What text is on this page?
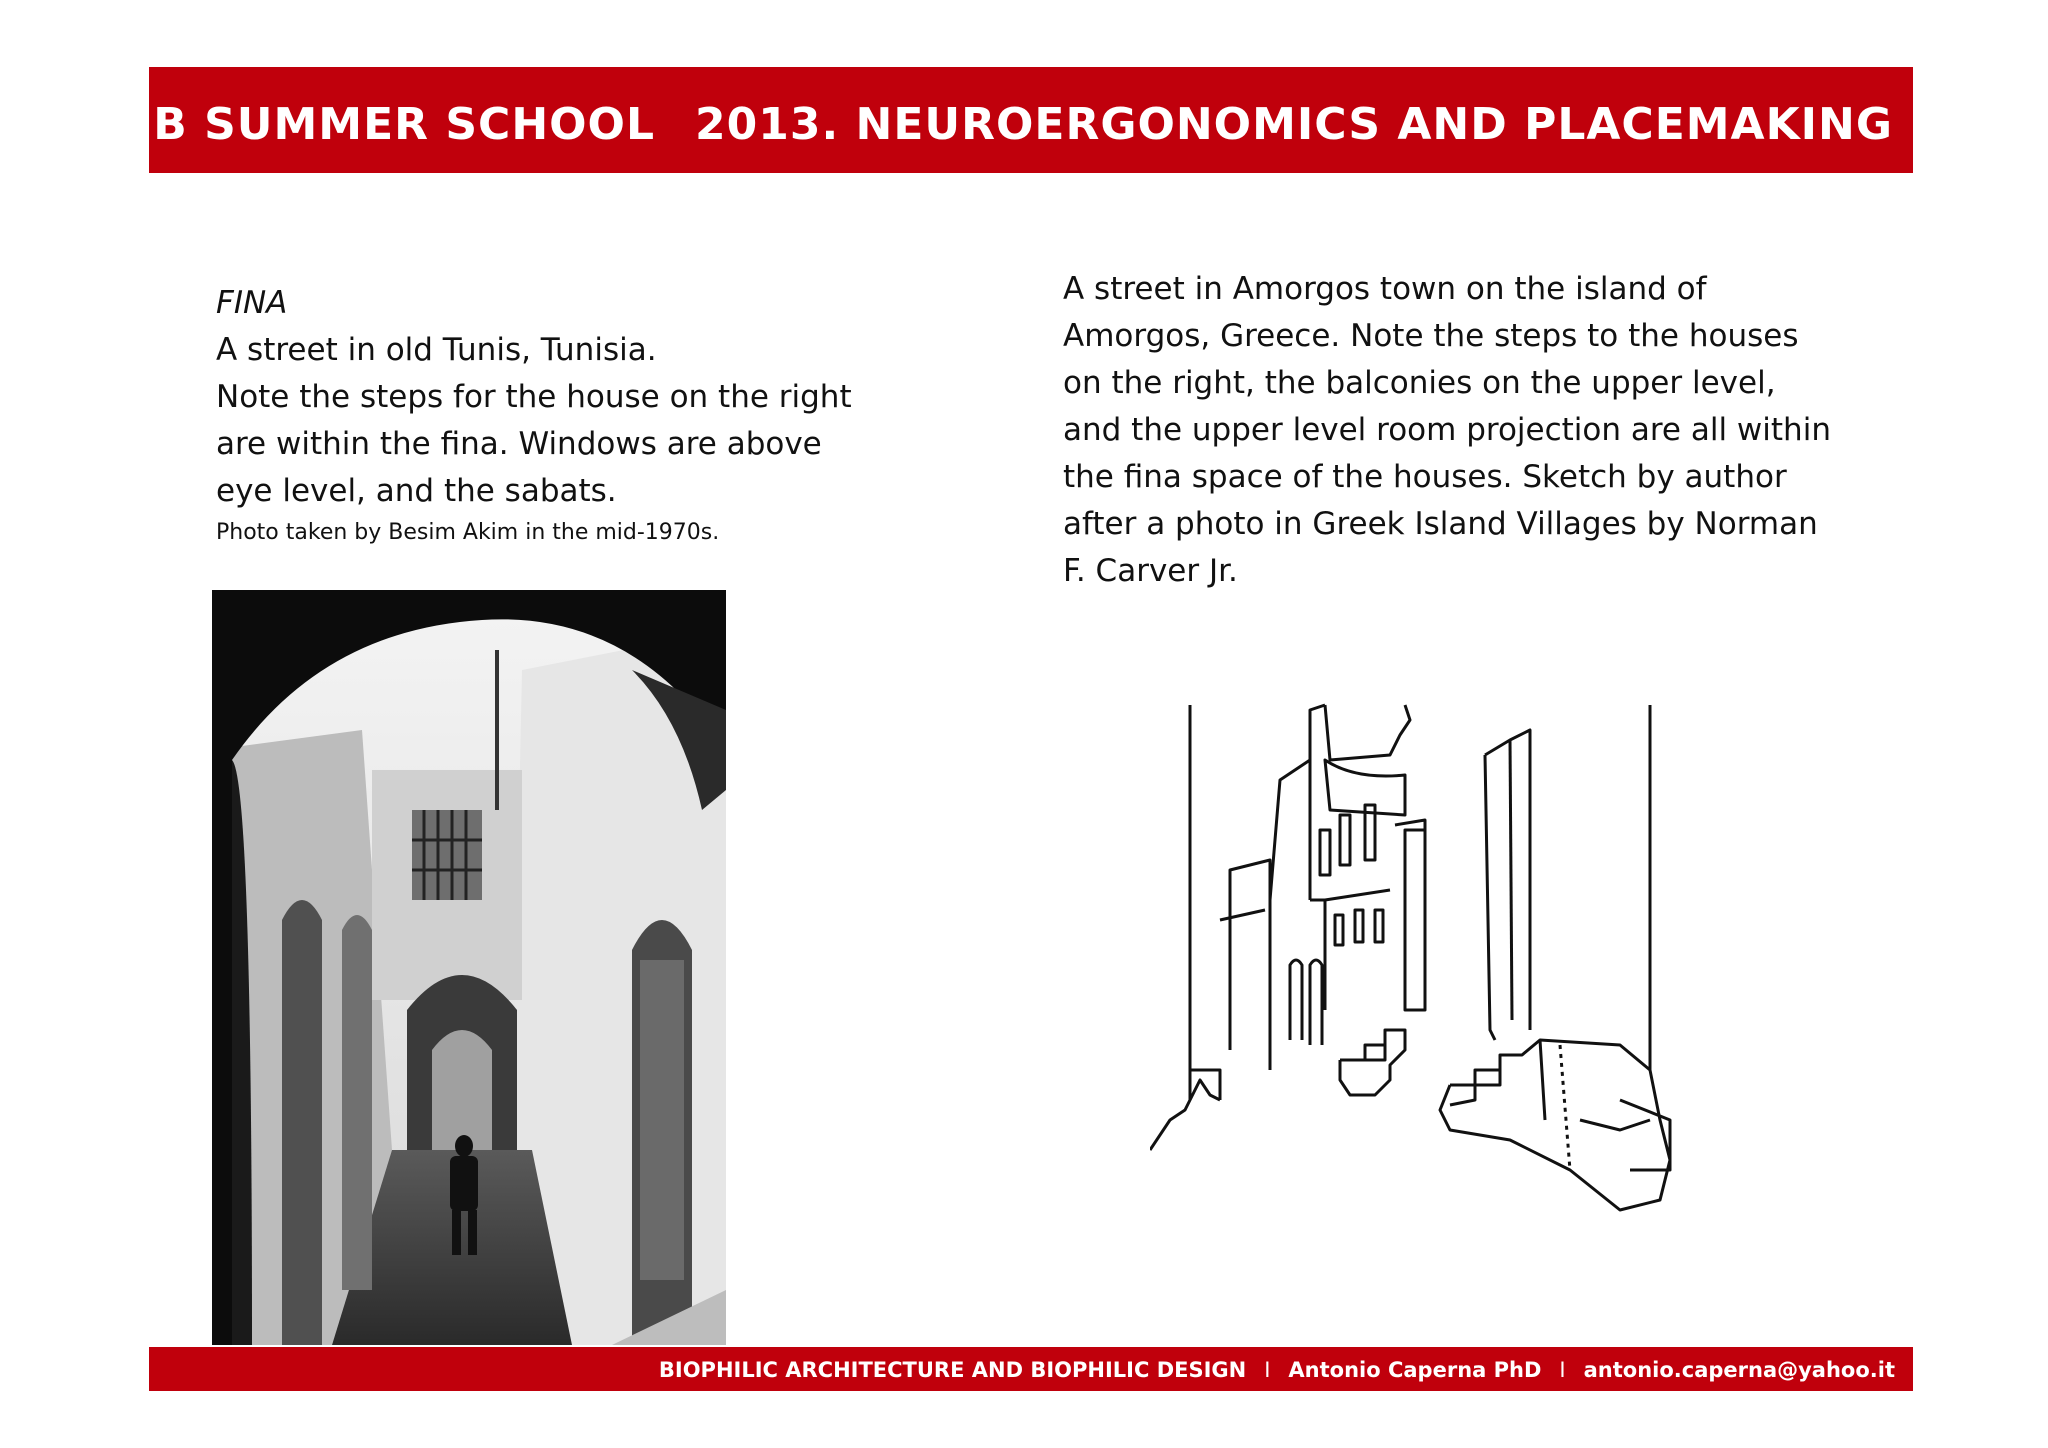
ISB SUMMER SCHOOL 2013. NEUROERGONOMICS AND PLACEMAKING
FINA
A street in old Tunis, Tunisia.
Note the steps for the house on the right are within the fina. Windows are above eye level, and the sabats.
Photo taken by Besim Akim in the mid-1970s.
A street in Amorgos town on the island of Amorgos, Greece. Note the steps to the houses on the right, the balconies on the upper level, and the upper level room projection are all within the fina space of the houses. Sketch by author after a photo in Greek Island Villages by Norman F. Carver Jr.
BIOPHILIC ARCHITECTURE AND BIOPHILIC DESIGN I Antonio Caperna PhD I antonio.caperna@yahoo.it
